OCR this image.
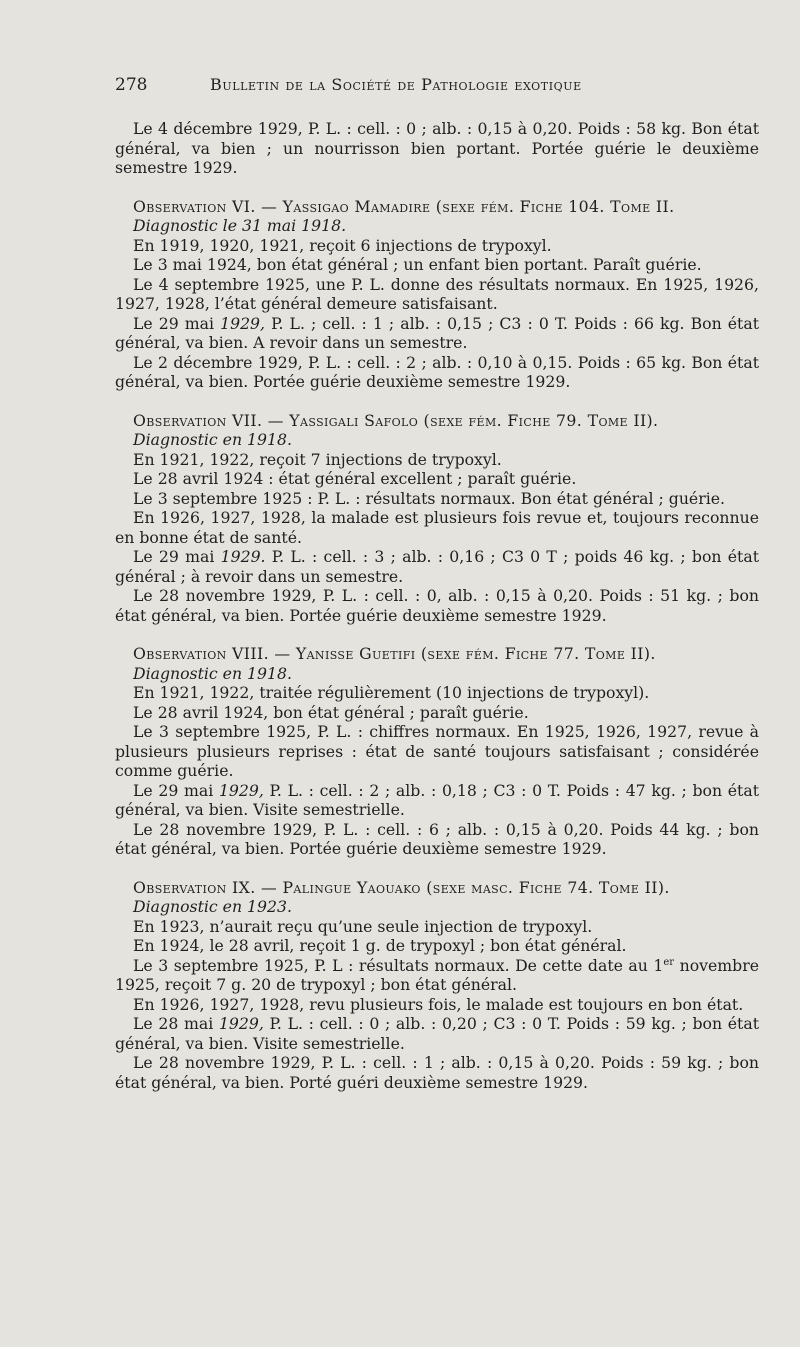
278	Bulletin de la Société de Pathologie exotique

Le 4 décembre 1929, P. L. : cell. : 0 ; alb. : 0,15 à 0,20. Poids : 58 kg. Bon état général, va bien ; un nourrisson bien portant. Portée guérie le deuxième semestre 1929.

Observation VI. — Yassigao Mamadire (sexe fém. Fiche 104. Tome II.

Diagnostic le 31 mai 1918.

En 1919, 1920, 1921, reçoit 6 injections de trypoxyl.

Le 3 mai 1924, bon état général ; un enfant bien portant. Paraît guérie.

Le 4 septembre 1925, une P. L. donne des résultats normaux. En 1925, 1926, 1927, 1928, l’état général demeure satisfaisant.

Le 29 mai 1929, P. L. ; cell. : 1 ; alb. : 0,15 ; C3 : 0 T. Poids : 66 kg. Bon état général, va bien. A revoir dans un semestre.

Le 2 décembre 1929, P. L. : cell. : 2 ; alb. : 0,10 à 0,15. Poids : 65 kg. Bon état général, va bien. Portée guérie deuxième semestre 1929.

Observation VII. — Yassigali Safolo (sexe fém. Fiche 79. Tome II).

Diagnostic en 1918.

En 1921, 1922, reçoit 7 injections de trypoxyl.

Le 28 avril 1924 : état général excellent ; paraît guérie.

Le 3 septembre 1925 : P. L. : résultats normaux. Bon état général ; guérie.

En 1926, 1927, 1928, la malade est plusieurs fois revue et, toujours reconnue en bonne état de santé.

Le 29 mai 1929. P. L. : cell. : 3 ; alb. : 0,16 ; C3 0 T ; poids 46 kg. ; bon état général ; à revoir dans un semestre.

Le 28 novembre 1929, P. L. : cell. : 0, alb. : 0,15 à 0,20. Poids : 51 kg. ; bon état général, va bien. Portée guérie deuxième semestre 1929.

Observation VIII. — Yanisse Guetifi (sexe fém. Fiche 77. Tome II).

Diagnostic en 1918.

En 1921, 1922, traitée régulièrement (10 injections de trypoxyl).

Le 28 avril 1924, bon état général ; paraît guérie.

Le 3 septembre 1925, P. L. : chiffres normaux. En 1925, 1926, 1927, revue à plusieurs plusieurs reprises : état de santé toujours satisfaisant ; considérée comme guérie.

Le 29 mai 1929, P. L. : cell. : 2 ; alb. : 0,18 ; C3 : 0 T. Poids : 47 kg. ; bon état général, va bien. Visite semestrielle.

Le 28 novembre 1929, P. L. : cell. : 6 ; alb. : 0,15 à 0,20. Poids 44 kg. ; bon état général, va bien. Portée guérie deuxième semestre 1929.

Observation IX. — Palingue Yaouako (sexe masc. Fiche 74. Tome II).

Diagnostic en 1923.

En 1923, n’aurait reçu qu’une seule injection de trypoxyl.

En 1924, le 28 avril, reçoit 1 g. de trypoxyl ; bon état général.

Le 3 septembre 1925, P. L : résultats normaux. De cette date au 1er novembre 1925, reçoit 7 g. 20 de trypoxyl ; bon état général.

En 1926, 1927, 1928, revu plusieurs fois, le malade est toujours en bon état.

Le 28 mai 1929, P. L. : cell. : 0 ; alb. : 0,20 ; C3 : 0 T. Poids : 59 kg. ; bon état général, va bien. Visite semestrielle.

Le 28 novembre 1929, P. L. : cell. : 1 ; alb. : 0,15 à 0,20. Poids : 59 kg. ; bon état général, va bien. Porté guéri deuxième semestre 1929.
